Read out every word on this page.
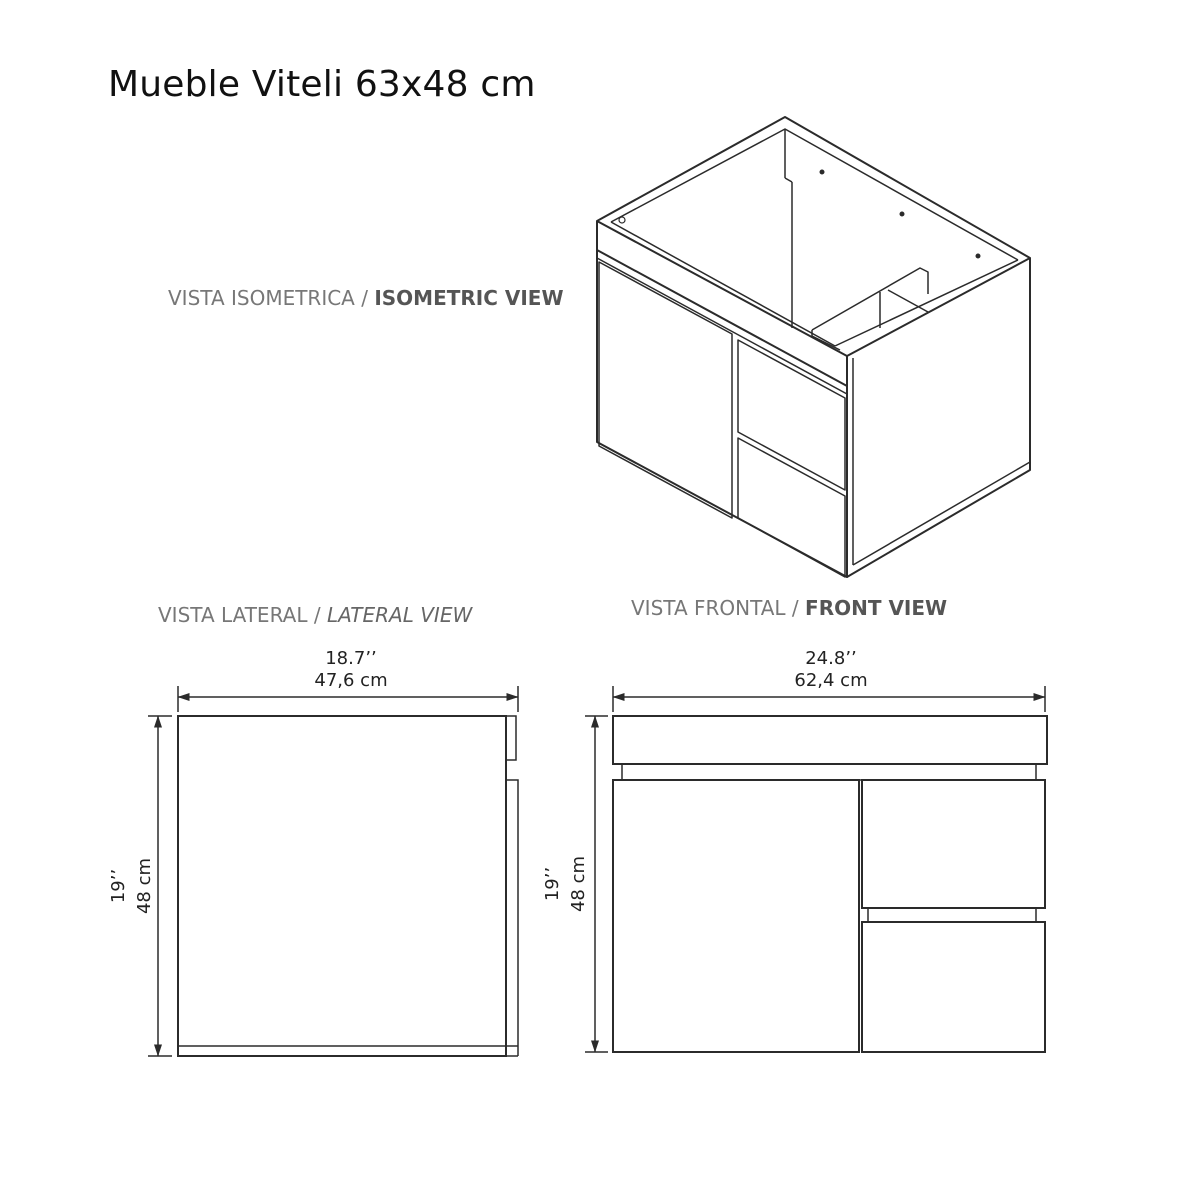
Mueble Viteli 63x48 cm
VISTA ISOMETRICA / ISOMETRIC VIEW
VISTA LATERAL / LATERAL VIEW	VISTA FRONTAL / FRONT VIEW
18.7’’
47,6 cm
19’’ 48 cm
24.8’’
62,4 cm
19’’ 48 cm
